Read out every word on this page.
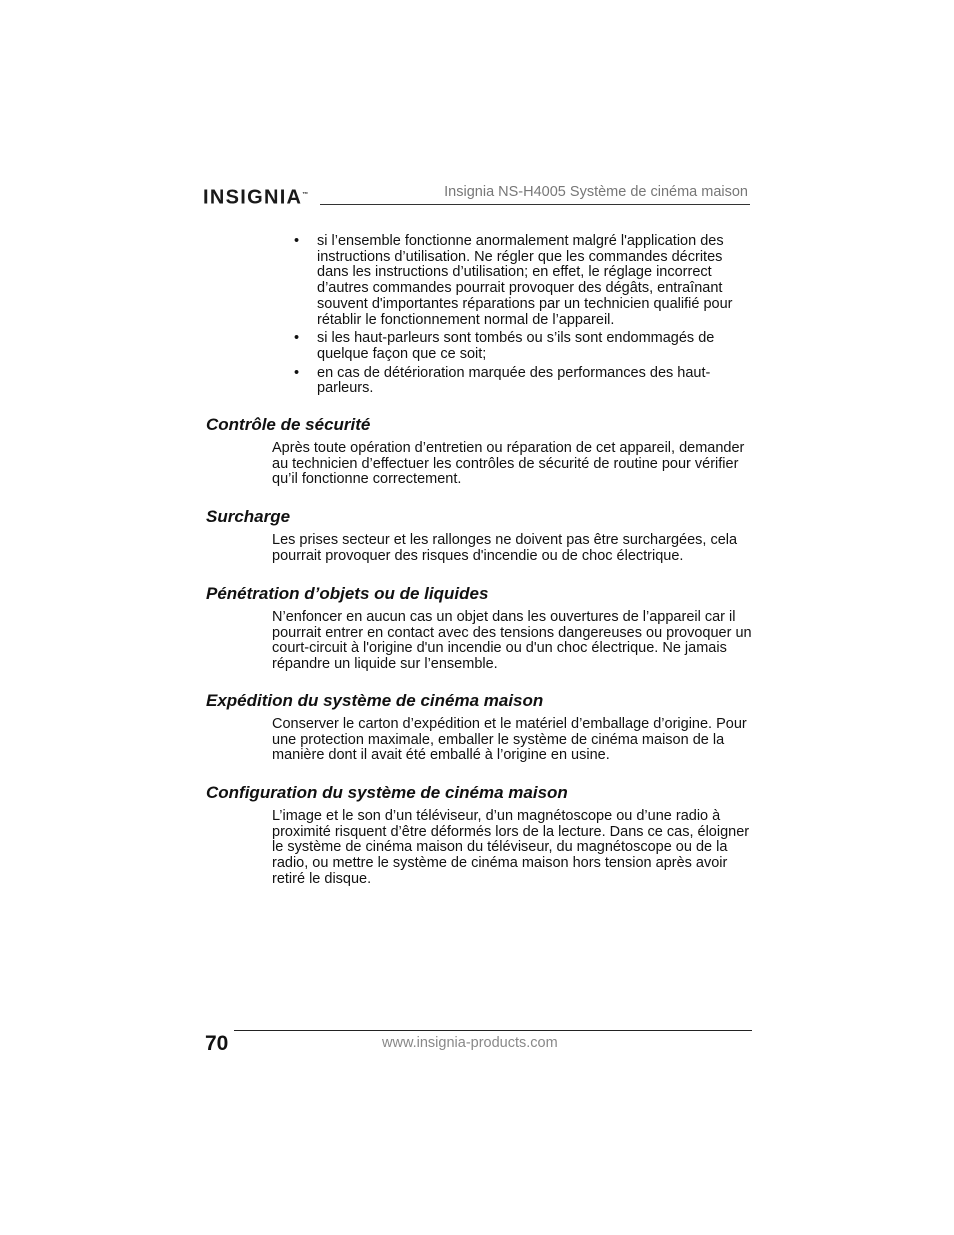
INSIGNIA™	Insignia NS-H4005 Système de cinéma maison
• si l’ensemble fonctionne anormalement malgré l'application des instructions d’utilisation. Ne régler que les commandes décrites dans les instructions d’utilisation; en effet, le réglage incorrect d’autres commandes pourrait provoquer des dégâts, entraînant souvent d'importantes réparations par un technicien qualifié pour rétablir le fonctionnement normal de l’appareil.
• si les haut-parleurs sont tombés ou s’ils sont endommagés de quelque façon que ce soit;
• en cas de détérioration marquée des performances des haut-parleurs.
Contrôle de sécurité

Après toute opération d’entretien ou réparation de cet appareil, demander au technicien d’effectuer les contrôles de sécurité de routine pour vérifier qu’il fonctionne correctement.

Surcharge

Les prises secteur et les rallonges ne doivent pas être surchargées, cela pourrait provoquer des risques d'incendie ou de choc électrique.

Pénétration d’objets ou de liquides

N’enfoncer en aucun cas un objet dans les ouvertures de l’appareil car il pourrait entrer en contact avec des tensions dangereuses ou provoquer un court-circuit à l'origine d'un incendie ou d'un choc électrique. Ne jamais répandre un liquide sur l’ensemble.

Expédition du système de cinéma maison

Conserver le carton d’expédition et le matériel d’emballage d’origine. Pour une protection maximale, emballer le système de cinéma maison de la manière dont il avait été emballé à l’origine en usine.

Configuration du système de cinéma maison

L’image et le son d’un téléviseur, d’un magnétoscope ou d’une radio à proximité risquent d’être déformés lors de la lecture. Dans ce cas, éloigner le système de cinéma maison du téléviseur, du magnétoscope ou de la radio, ou mettre le système de cinéma maison hors tension après avoir retiré le disque.

70	www.insignia-products.com
